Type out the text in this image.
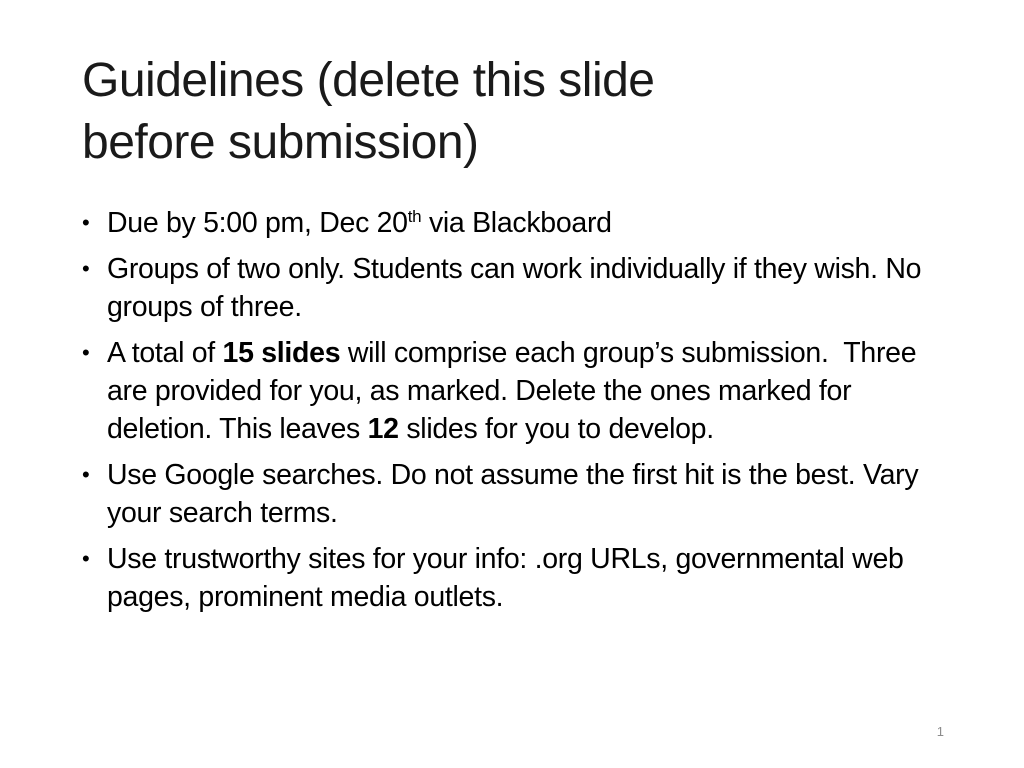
Guidelines (delete this slide
before submission)
• Due by 5:00 pm, Dec 20th via Blackboard
• Groups of two only. Students can work individually if they wish. No groups of three.
• A total of 15 slides will comprise each group’s submission.  Three are provided for you, as marked. Delete the ones marked for deletion. This leaves 12 slides for you to develop.
• Use Google searches. Do not assume the first hit is the best. Vary your search terms.
• Use trustworthy sites for your info: .org URLs, governmental web pages, prominent media outlets.
1
